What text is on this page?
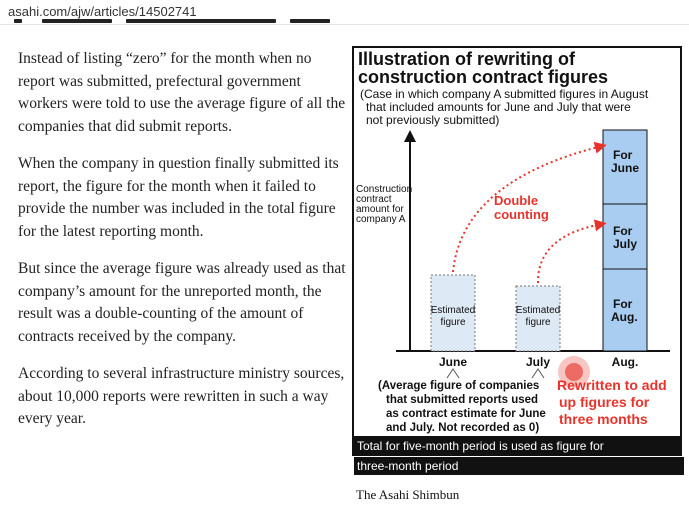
asahi.com/ajw/articles/14502741

Instead of listing “zero” for the month when no report was submitted, prefectural government workers were told to use the average figure of all the companies that did submit reports.

When the company in question finally submitted its report, the figure for the month when it failed to provide the number was included in the total figure for the latest reporting month.

But since the average figure was already used as that company’s amount for the unreported month, the result was a double-counting of the amount of contracts received by the company.

According to several infrastructure ministry sources, about 10,000 reports were rewritten in such a way every year.

Illustration of rewriting of
construction contract figures
(Case in which company A submitted figures in August
that included amounts for June and July that were
not previously submitted)
Construction
contract
amount for
company A
Estimated
figure
Estimated
figure
For
June
For
July
For
Aug.
Double
counting
June	July	Aug.
(Average figure of companies
that submitted reports used
as contract estimate for June
and July. Not recorded as 0)
Rewritten to add
up figures for
three months
Total for five-month period is used as figure for
three-month period
The Asahi Shimbun
